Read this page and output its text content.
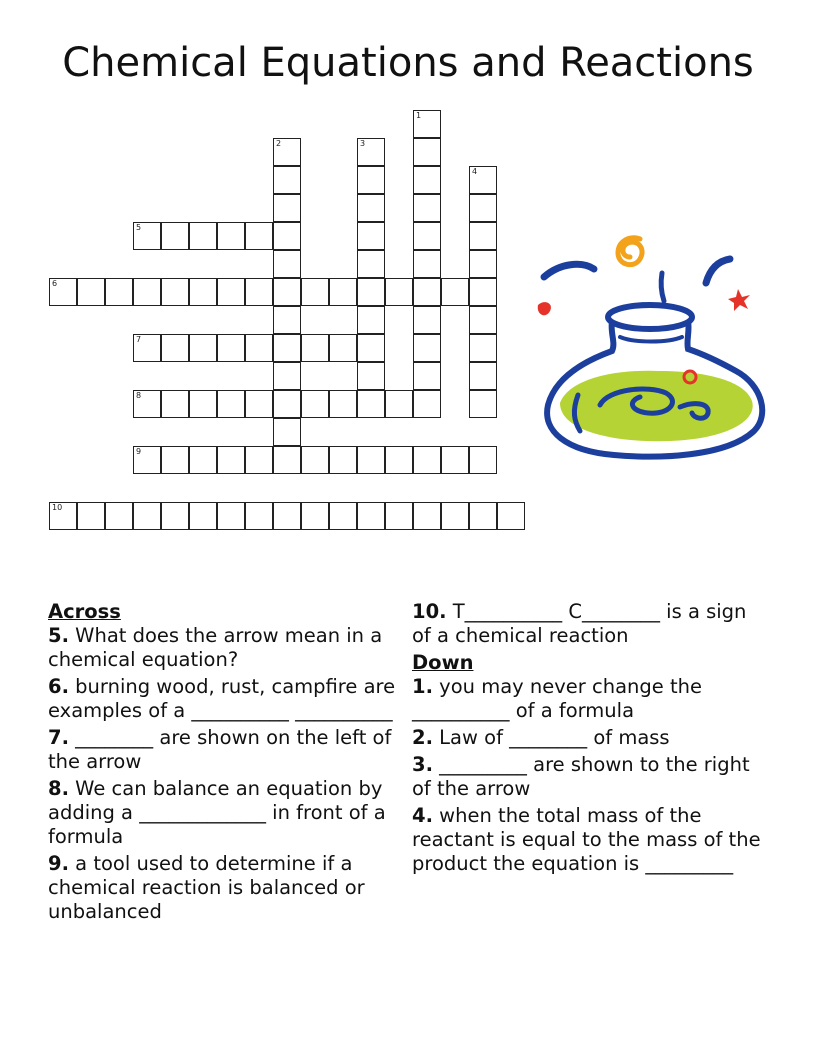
Chemical Equations and Reactions
1
2	3
4
5
6
7
8
9
10
Across
5. What does the arrow mean in a chemical equation?
6. burning wood, rust, campfire are examples of a __________ __________
7. ________ are shown on the left of the arrow
8. We can balance an equation by adding a _____________ in front of a formula
9. a tool used to determine if a chemical reaction is balanced or unbalanced
10. T__________ C________ is a sign of a chemical reaction
Down
1. you may never change the __________ of a formula
2. Law of ________ of mass
3. _________ are shown to the right of the arrow
4. when the total mass of the reactant is equal to the mass of the product the equation is _________
